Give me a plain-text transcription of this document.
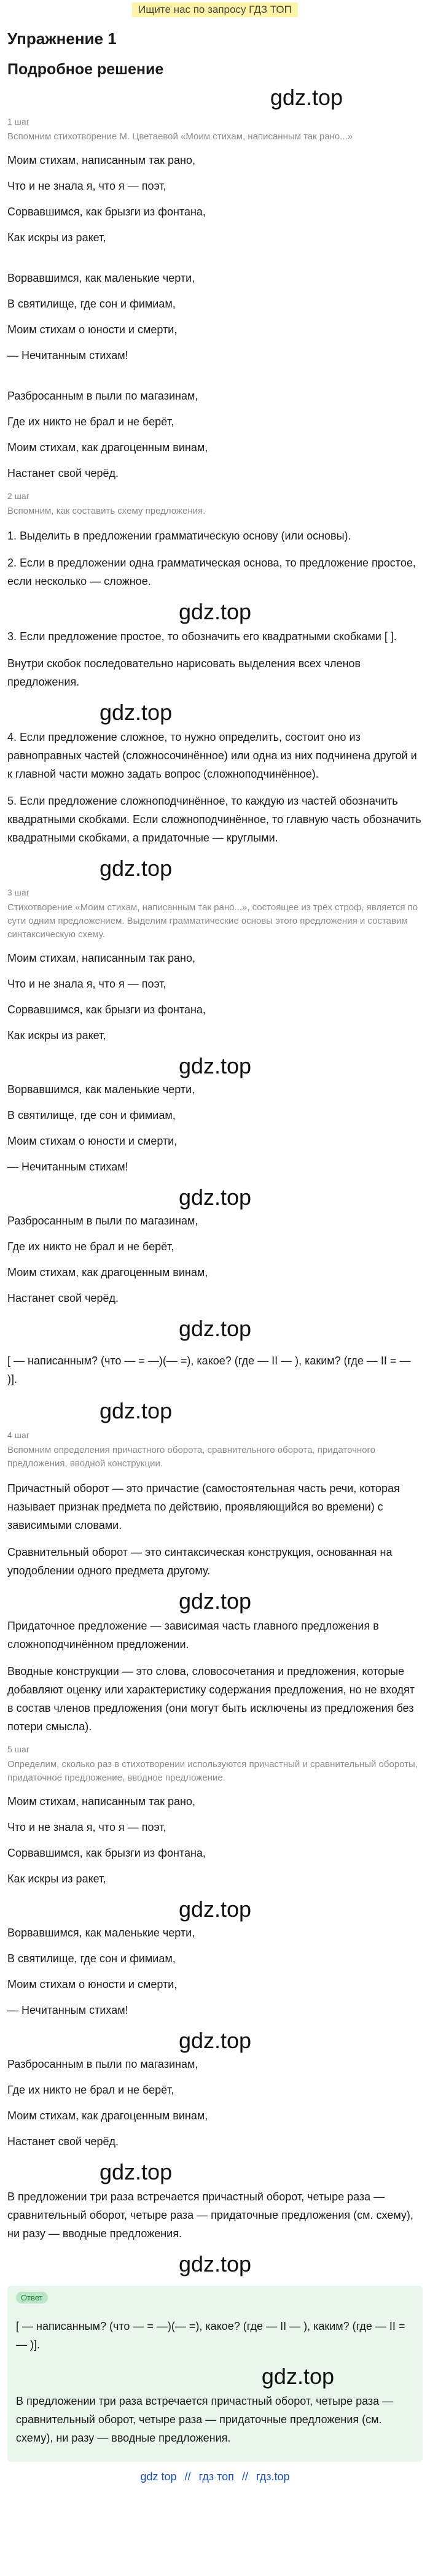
Ищите нас по запросу ГДЗ ТОП
Упражнение 1
Подробное решение
gdz.top
1 шаг
Вспомним стихотворение М. Цветаевой «Моим стихам, написанным так рано...»
Моим стихам, написанным так рано,
Что и не знала я, что я — поэт,
Сорвавшимся, как брызги из фонтана,
Как искры из ракет,
Ворвавшимся, как маленькие черти,
В святилище, где сон и фимиам,
Моим стихам о юности и смерти,
— Нечитанным стихам!
Разбросанным в пыли по магазинам,
Где их никто не брал и не берёт,
Моим стихам, как драгоценным винам,
Настанет свой черёд.
2 шаг
Вспомним, как составить схему предложения.
1. Выделить в предложении грамматическую основу (или основы).
2. Если в предложении одна грамматическая основа, то предложение простое, если несколько — сложное.
gdz.top
3. Если предложение простое, то обозначить его квадратными скобками [ ].
Внутри скобок последовательно нарисовать выделения всех членов предложения.
gdz.top
4. Если предложение сложное, то нужно определить, состоит оно из равноправных частей (сложносочинённое) или одна из них подчинена другой и к главной части можно задать вопрос (сложноподчинённое).
5. Если предложение сложноподчинённое, то каждую из частей обозначить квадратными скобками. Если сложноподчинённое, то главную часть обозначить квадратными скобками, а придаточные — круглыми.
gdz.top
3 шаг
Стихотворение «Моим стихам, написанным так рано...», состоящее из трёх строф, является по сути одним предложением. Выделим грамматические основы этого предложения и составим синтаксическую схему.
Моим стихам, написанным так рано,
Что и не знала я, что я — поэт,
Сорвавшимся, как брызги из фонтана,
Как искры из ракет,
gdz.top
Ворвавшимся, как маленькие черти,
В святилище, где сон и фимиам,
Моим стихам о юности и смерти,
— Нечитанным стихам!
gdz.top
Разбросанным в пыли по магазинам,
Где их никто не брал и не берёт,
Моим стихам, как драгоценным винам,
Настанет свой черёд.
gdz.top
[ — написанным? (что — = —)(— =), какое? (где — II — ), каким? (где — II = — )].
gdz.top
4 шаг
Вспомним определения причастного оборота, сравнительного оборота, придаточного предложения, вводной конструкции.
Причастный оборот — это причастие (самостоятельная часть речи, которая называет признак предмета по действию, проявляющийся во времени) с зависимыми словами.
Сравнительный оборот — это синтаксическая конструкция, основанная на уподоблении одного предмета другому.
gdz.top
Придаточное предложение — зависимая часть главного предложения в сложноподчинённом предложении.
Вводные конструкции — это слова, словосочетания и предложения, которые добавляют оценку или характеристику содержания предложения, но не входят в состав членов предложения (они могут быть исключены из предложения без потери смысла).
5 шаг
Определим, сколько раз в стихотворении используются причастный и сравнительный обороты, придаточное предложение, вводное предложение.
Моим стихам, написанным так рано,
Что и не знала я, что я — поэт,
Сорвавшимся, как брызги из фонтана,
Как искры из ракет,
gdz.top
Ворвавшимся, как маленькие черти,
В святилище, где сон и фимиам,
Моим стихам о юности и смерти,
— Нечитанным стихам!
gdz.top
Разбросанным в пыли по магазинам,
Где их никто не брал и не берёт,
Моим стихам, как драгоценным винам,
Настанет свой черёд.
gdz.top
В предложении три раза встречается причастный оборот, четыре раза — сравнительный оборот, четыре раза — придаточные предложения (см. схему), ни разу — вводные предложения.
gdz.top
Ответ
[ — написанным? (что — = —)(— =), какое? (где — II — ), каким? (где — II = — )].
gdz.top
В предложении три раза встречается причастный оборот, четыре раза — сравнительный оборот, четыре раза — придаточные предложения (см. схему), ни разу — вводные предложения.
gdz top // гдз топ // гдз.top
